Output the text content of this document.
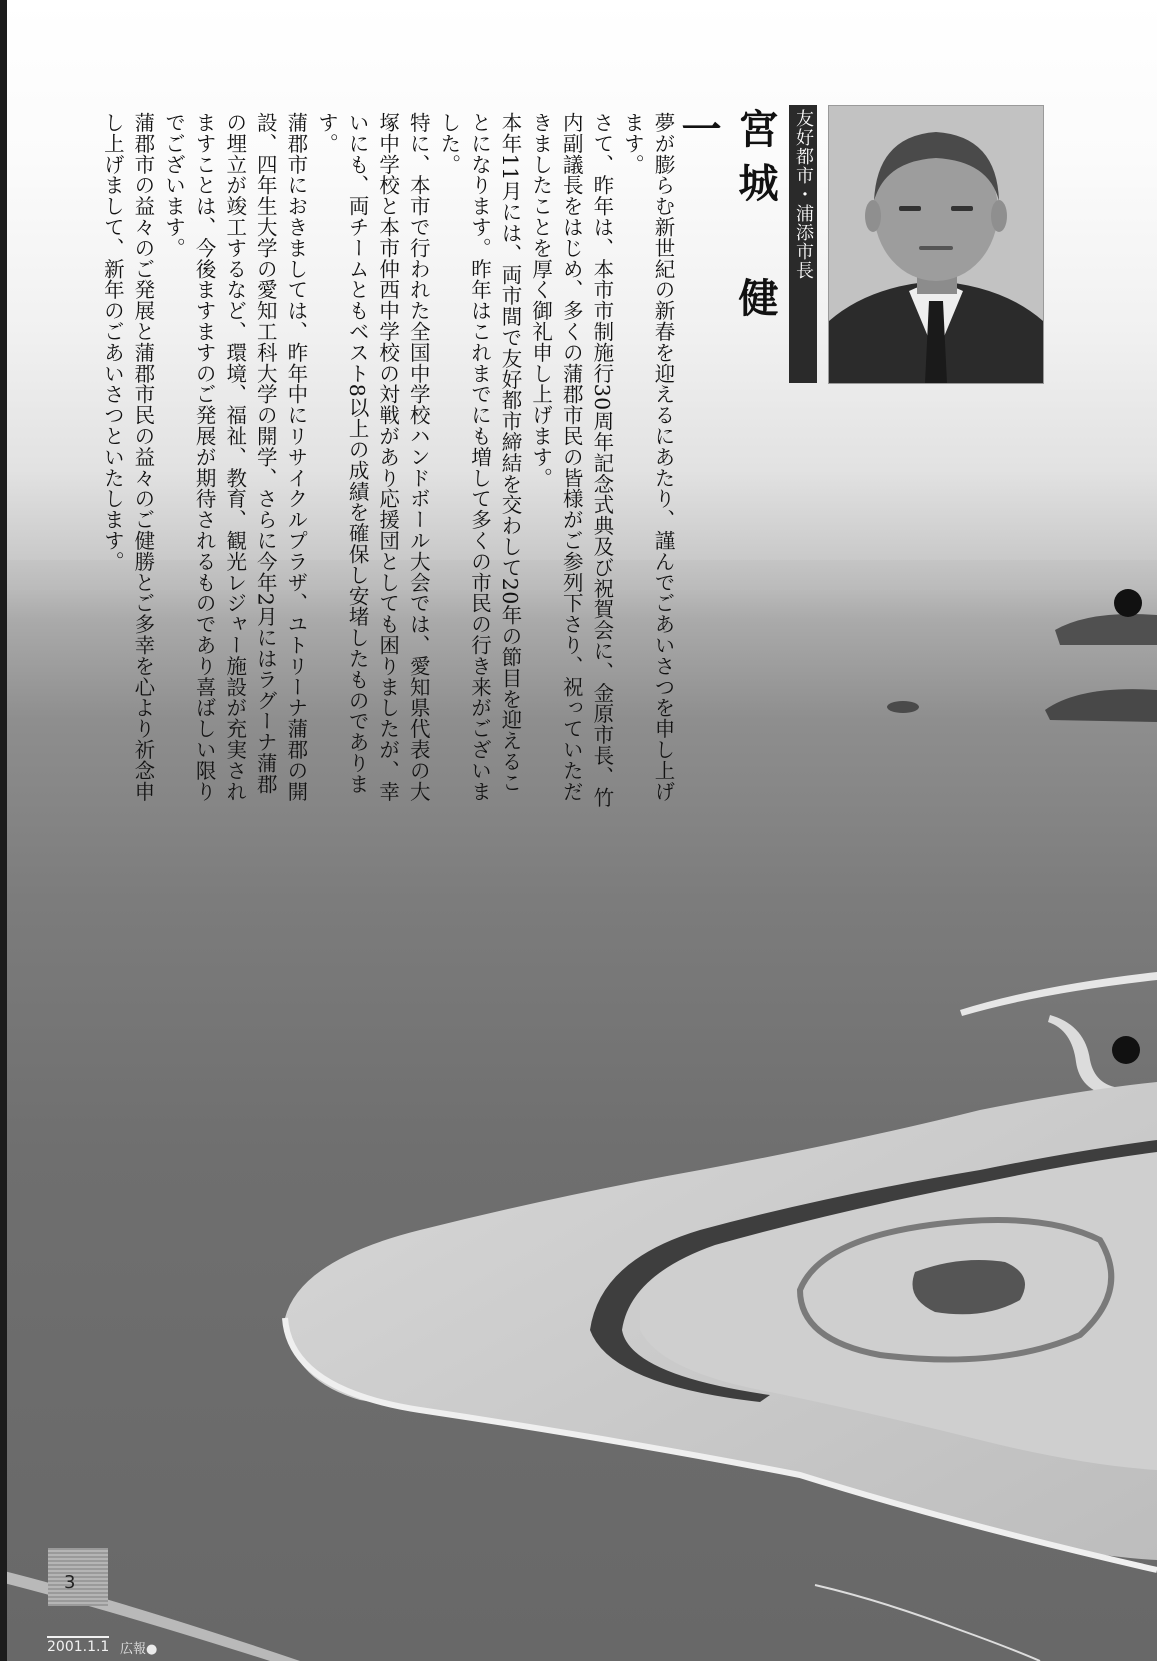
友好都市・浦添市長
宮城 健一

夢が膨らむ新世紀の新春を迎えるにあたり、謹んでごあいさつを申し上げます。

さて、昨年は、本市市制施行30周年記念式典及び祝賀会に、金原市長、竹内副議長をはじめ、多くの蒲郡市民の皆様がご参列下さり、祝っていただきましたことを厚く御礼申し上げます。

本年11月には、両市間で友好都市締結を交わして20年の節目を迎えることになります。昨年はこれまでにも増して多くの市民の行き来がございました。

特に、本市で行われた全国中学校ハンドボール大会では、愛知県代表の大塚中学校と本市仲西中学校の対戦があり応援団としても困りましたが、幸いにも、両チームともベスト8以上の成績を確保し安堵したものであります。

蒲郡市におきましては、昨年中にリサイクルプラザ、ユトリーナ蒲郡の開設、四年生大学の愛知工科大学の開学、さらに今年2月にはラグーナ蒲郡の埋立が竣工するなど、環境、福祉、教育、観光レジャー施設が充実されますことは、今後ますますのご発展が期待されるものであり喜ばしい限りでございます。

蒲郡市の益々のご発展と蒲郡市民の益々のご健勝とご多幸を心より祈念申し上げまして、新年のごあいさつといたします。

3
2001.1.1 広報●
